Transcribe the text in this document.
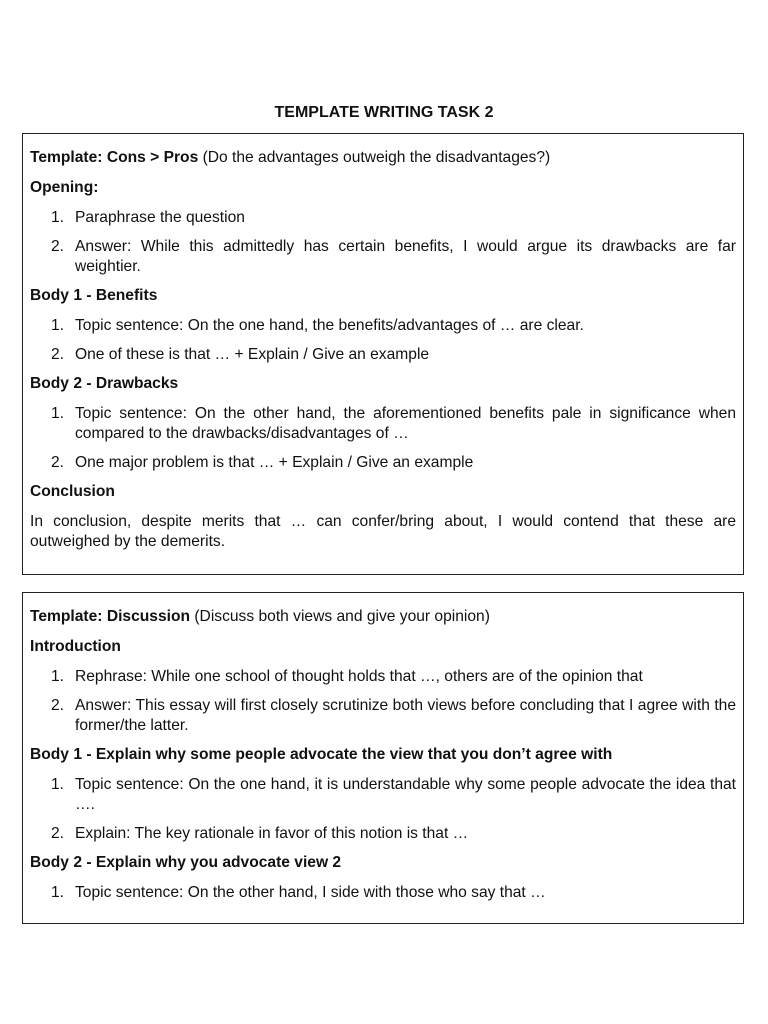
TEMPLATE WRITING TASK 2
Template: Cons > Pros (Do the advantages outweigh the disadvantages?)
Opening:
1. Paraphrase the question
2. Answer: While this admittedly has certain benefits, I would argue its drawbacks are far weightier.
Body 1 - Benefits
1. Topic sentence: On the one hand, the benefits/advantages of … are clear.
2. One of these is that … + Explain / Give an example
Body 2 - Drawbacks
1. Topic sentence: On the other hand, the aforementioned benefits pale in significance when compared to the drawbacks/disadvantages of …
2. One major problem is that … + Explain / Give an example
Conclusion
In conclusion, despite merits that … can confer/bring about, I would contend that these are outweighed by the demerits.
Template: Discussion (Discuss both views and give your opinion)
Introduction
1. Rephrase: While one school of thought holds that …, others are of the opinion that
2. Answer: This essay will first closely scrutinize both views before concluding that I agree with the former/the latter.
Body 1 - Explain why some people advocate the view that you don’t agree with
1. Topic sentence: On the one hand, it is understandable why some people advocate the idea that ….
2. Explain: The key rationale in favor of this notion is that …
Body 2 - Explain why you advocate view 2
1. Topic sentence: On the other hand, I side with those who say that …
